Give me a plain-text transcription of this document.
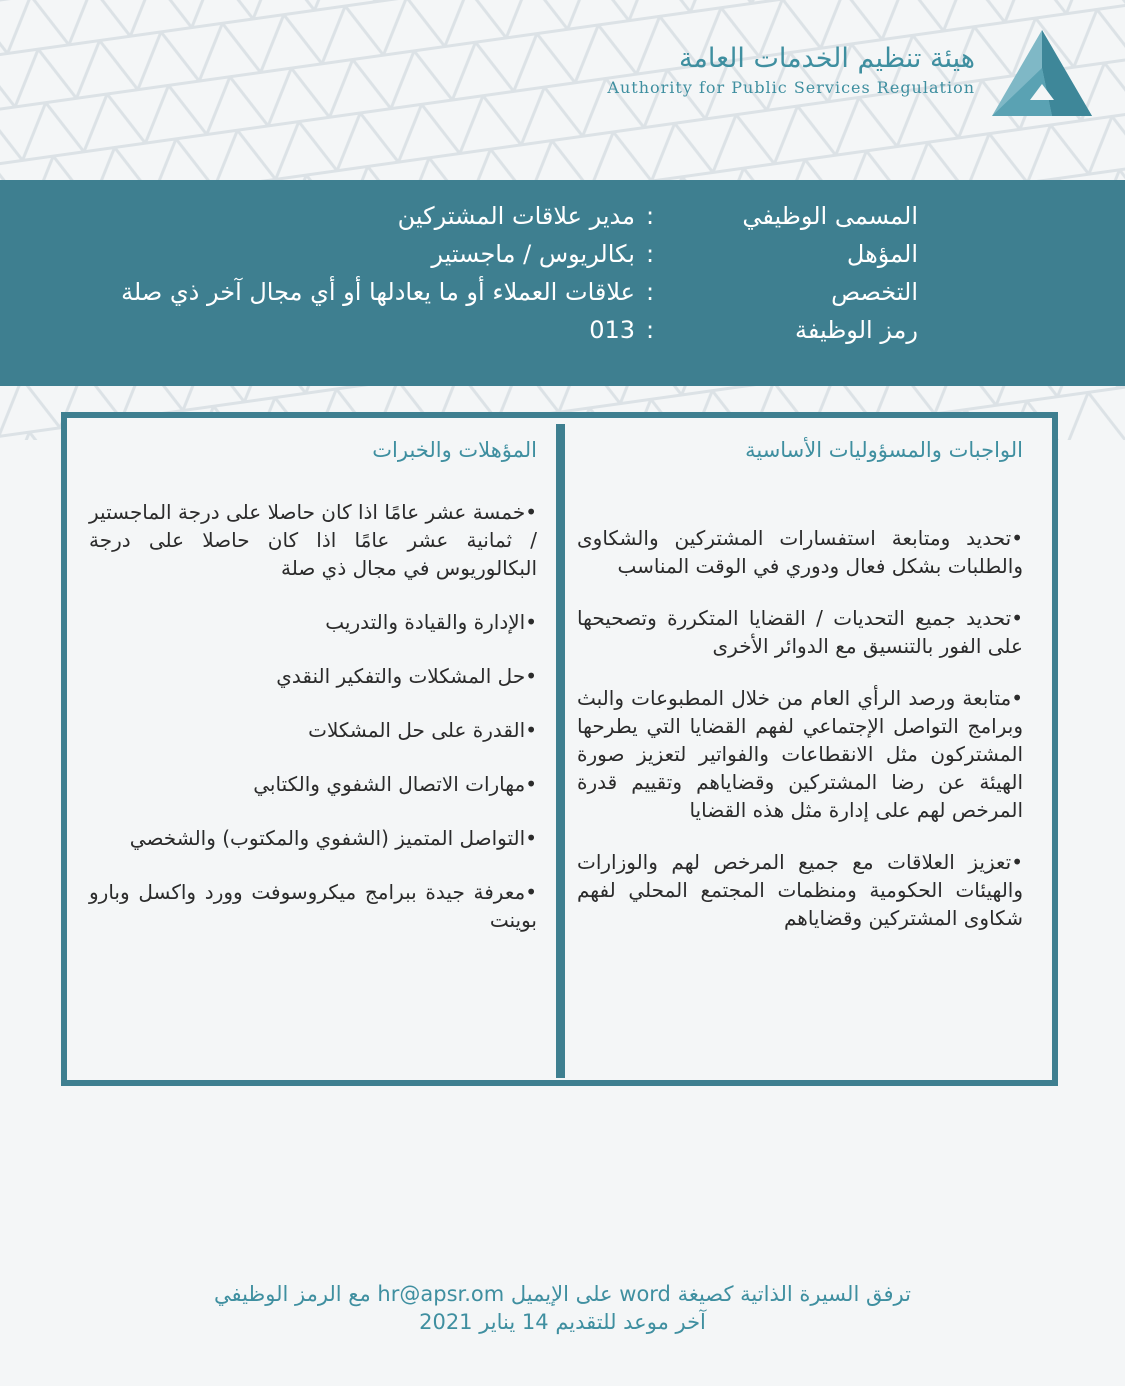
هيئة تنظيم الخدمات العامة
Authority for Public Services Regulation
المسمى الوظيفي
:
مدير علاقات المشتركين
المؤهل
:
بكالريوس / ماجستير
التخصص
:
علاقات العملاء أو ما يعادلها أو أي مجال آخر ذي صلة
رمز الوظيفة
:
013
الواجبات والمسؤوليات الأساسية
•تحديد ومتابعة استفسارات المشتركين والشكاوى والطلبات بشكل فعال ودوري في الوقت المناسب
•تحديد جميع التحديات / القضايا المتكررة وتصحيحها على الفور بالتنسيق مع الدوائر الأخرى
•متابعة ورصد الرأي العام من خلال المطبوعات والبث وبرامج التواصل الإجتماعي لفهم القضايا التي يطرحها المشتركون مثل الانقطاعات والفواتير لتعزيز صورة الهيئة عن رضا المشتركين وقضاياهم وتقييم قدرة المرخص لهم على إدارة مثل هذه القضايا
•تعزيز العلاقات مع جميع المرخص لهم والوزارات والهيئات الحكومية ومنظمات المجتمع المحلي لفهم شكاوى المشتركين وقضاياهم
المؤهلات والخبرات
•خمسة عشر عامًا اذا كان حاصلا على درجة الماجستير / ثمانية عشر عامًا اذا كان حاصلا على درجة البكالوريوس في مجال ذي صلة
•الإدارة والقيادة والتدريب
•حل المشكلات والتفكير النقدي
•القدرة على حل المشكلات
•مهارات الاتصال الشفوي والكتابي
•التواصل المتميز (الشفوي والمكتوب) والشخصي
•معرفة جيدة ببرامج ميكروسوفت وورد واكسل وبارو بوينت
ترفق السيرة الذاتية كصيغة word على الإيميل hr@apsr.om مع الرمز الوظيفي
آخر موعد للتقديم 14 يناير 2021
